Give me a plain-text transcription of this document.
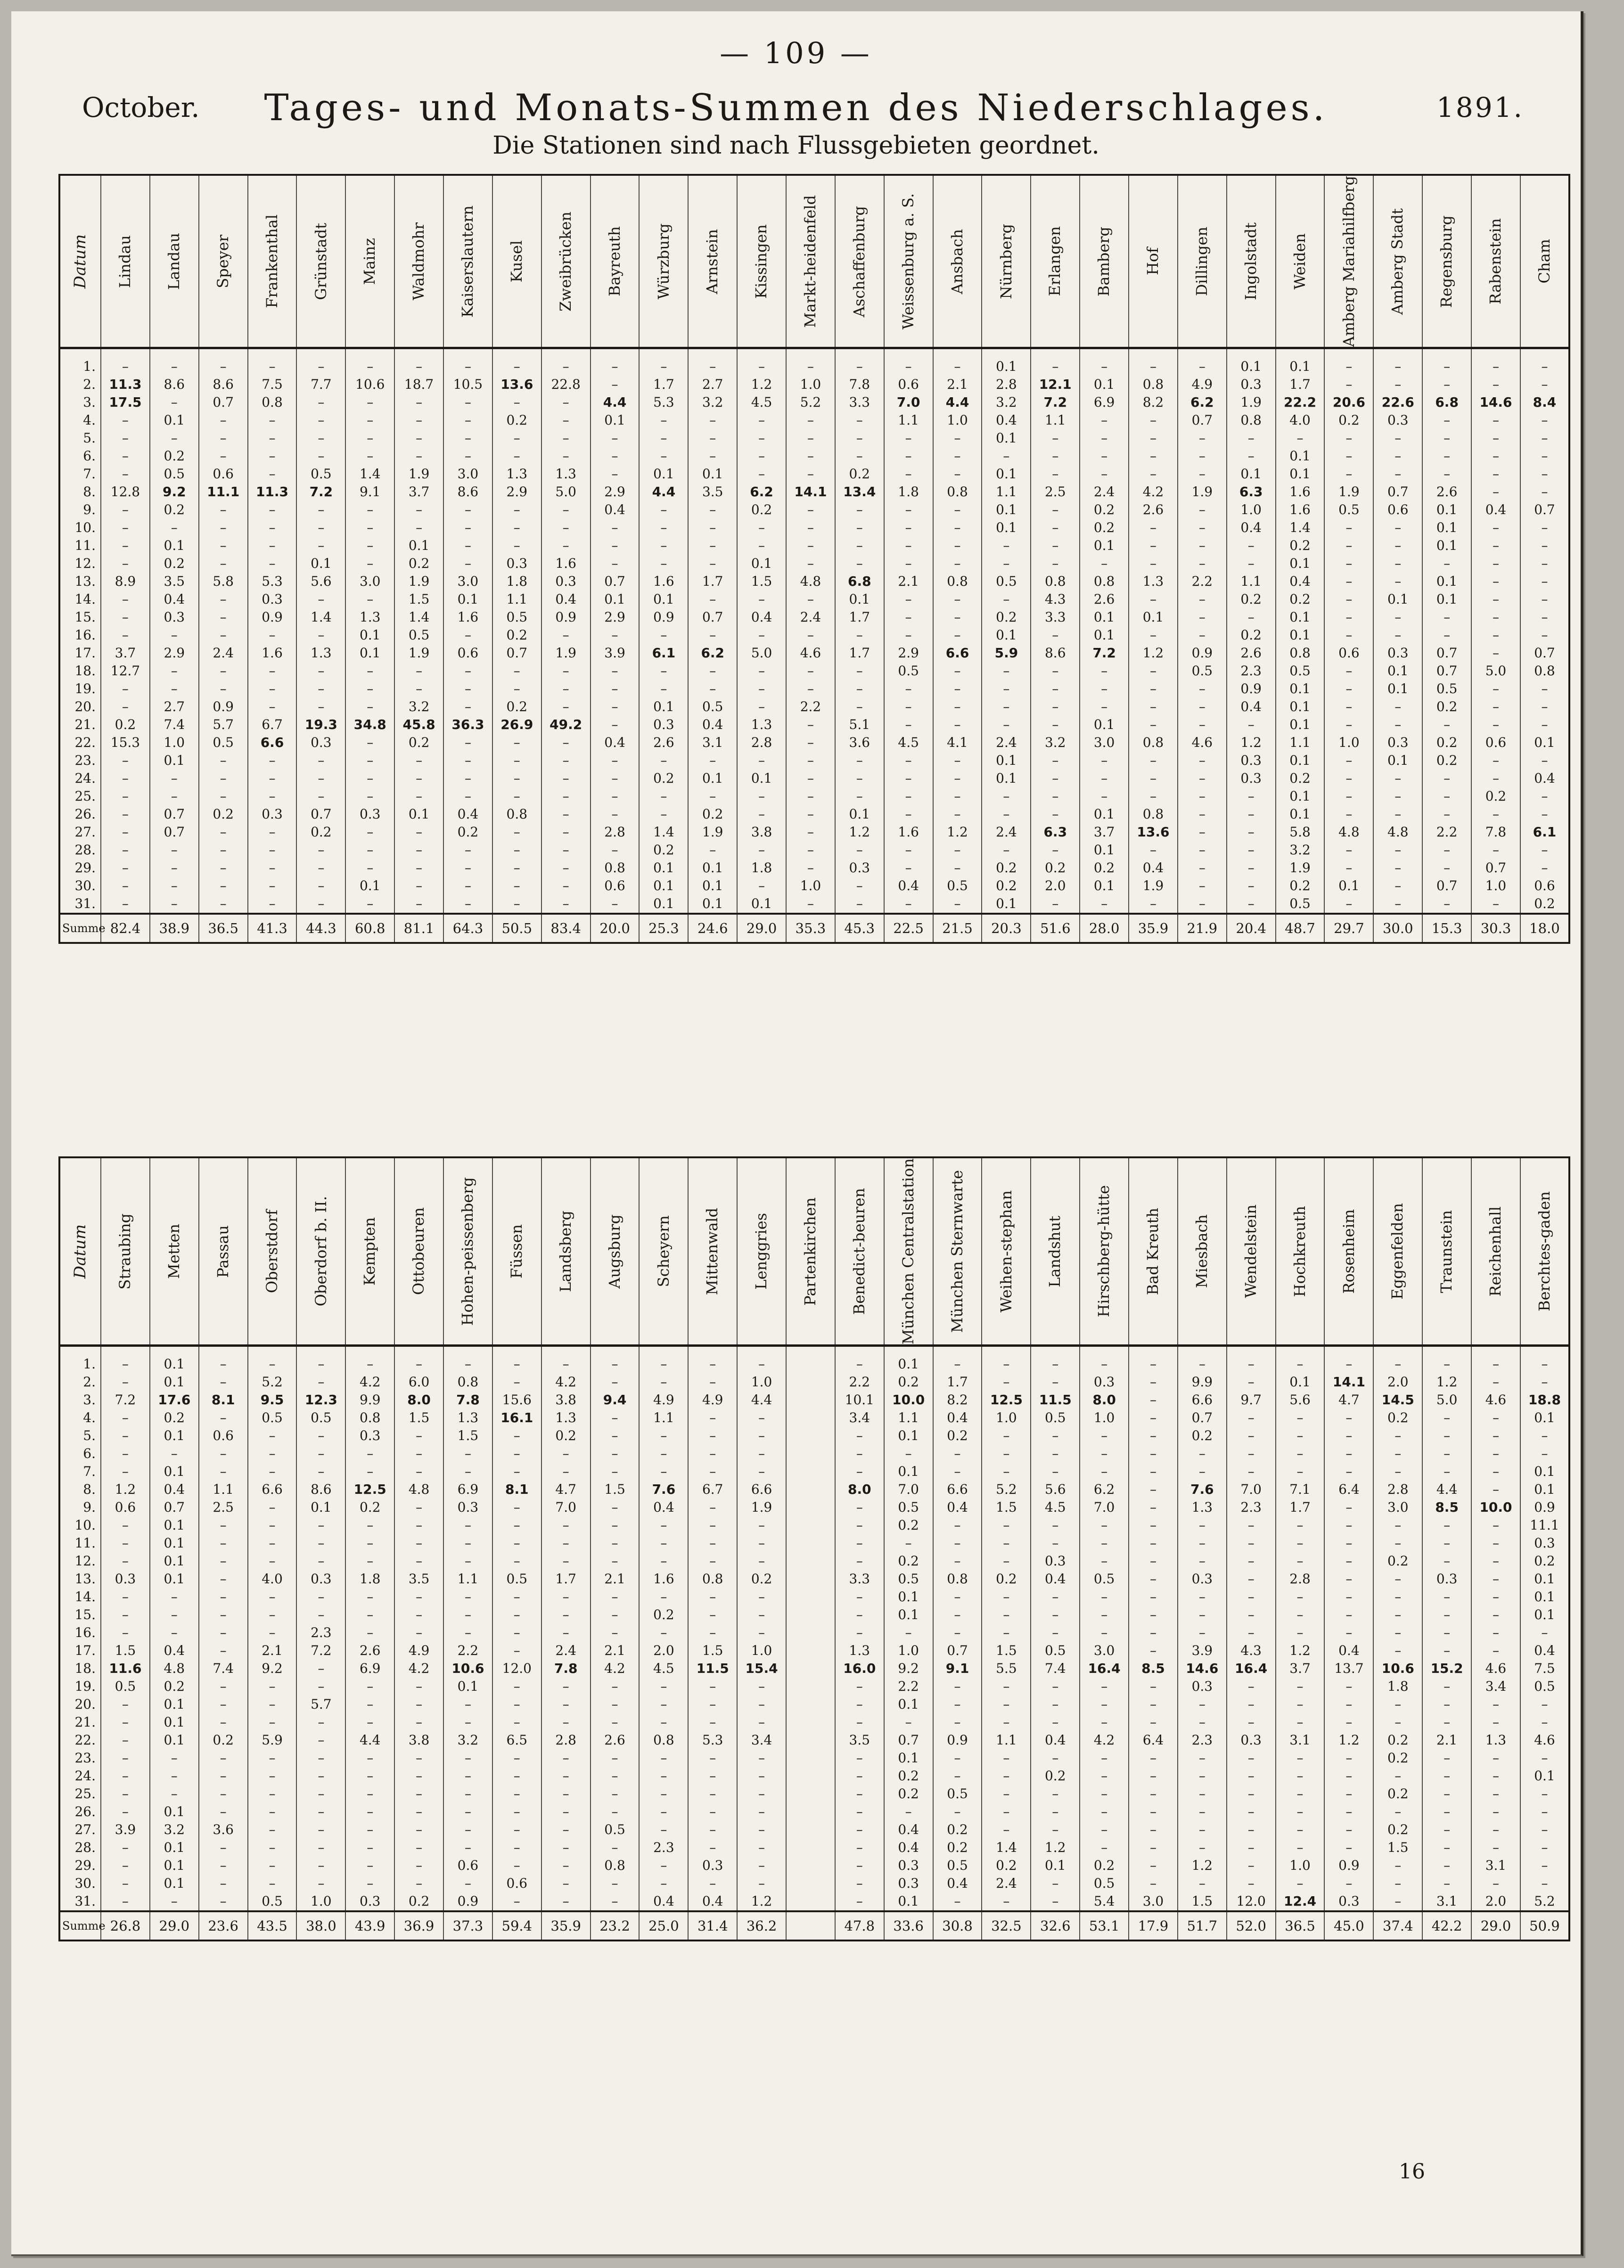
— 109 —
October.	Tages- und Monats-Summen des Niederschlages.	1891.
Die Stationen sind nach Flussgebieten geordnet.
Datum	Lindau	Landau	Speyer	Frankenthal	Grünstadt	Mainz	Waldmohr	Kaiserslautern	Kusel	Zweibrücken	Bayreuth	Würzburg	Arnstein	Kissingen	Markt-heidenfeld	Aschaffenburg	Weissenburg a. S.	Ansbach	Nürnberg	Erlangen	Bamberg	Hof	Dillingen	Ingolstadt	Weiden	Amberg Mariahilfberg	Amberg Stadt	Regensburg	Rabenstein	Cham

1.	–	–	–	–	–	–	–	–	–	–	–	–	–	–	–	–	–	–	0.1	–	–	–	–	0.1	0.1	–	–	–	–	–
2.	11.3	8.6	8.6	7.5	7.7	10.6	18.7	10.5	13.6	22.8	–	1.7	2.7	1.2	1.0	7.8	0.6	2.1	2.8	12.1	0.1	0.8	4.9	0.3	1.7	–	–	–	–	–
3.	17.5	–	0.7	0.8	–	–	–	–	–	–	4.4	5.3	3.2	4.5	5.2	3.3	7.0	4.4	3.2	7.2	6.9	8.2	6.2	1.9	22.2	20.6	22.6	6.8	14.6	8.4
4.	–	0.1	–	–	–	–	–	–	0.2	–	0.1	–	–	–	–	–	1.1	1.0	0.4	1.1	–	–	0.7	0.8	4.0	0.2	0.3	–	–	–
5.	–	–	–	–	–	–	–	–	–	–	–	–	–	–	–	–	–	–	0.1	–	–	–	–	–	–	–	–	–	–	–
6.	–	0.2	–	–	–	–	–	–	–	–	–	–	–	–	–	–	–	–	–	–	–	–	–	–	0.1	–	–	–	–	–
7.	–	0.5	0.6	–	0.5	1.4	1.9	3.0	1.3	1.3	–	0.1	0.1	–	–	0.2	–	–	0.1	–	–	–	–	0.1	0.1	–	–	–	–	–
8.	12.8	9.2	11.1	11.3	7.2	9.1	3.7	8.6	2.9	5.0	2.9	4.4	3.5	6.2	14.1	13.4	1.8	0.8	1.1	2.5	2.4	4.2	1.9	6.3	1.6	1.9	0.7	2.6	–	–
9.	–	0.2	–	–	–	–	–	–	–	–	0.4	–	–	0.2	–	–	–	–	0.1	–	0.2	2.6	–	1.0	1.6	0.5	0.6	0.1	0.4	0.7
10.	–	–	–	–	–	–	–	–	–	–	–	–	–	–	–	–	–	–	0.1	–	0.2	–	–	0.4	1.4	–	–	0.1	–	–
11.	–	0.1	–	–	–	–	0.1	–	–	–	–	–	–	–	–	–	–	–	–	–	0.1	–	–	–	0.2	–	–	0.1	–	–
12.	–	0.2	–	–	0.1	–	0.2	–	0.3	1.6	–	–	–	0.1	–	–	–	–	–	–	–	–	–	–	0.1	–	–	–	–	–
13.	8.9	3.5	5.8	5.3	5.6	3.0	1.9	3.0	1.8	0.3	0.7	1.6	1.7	1.5	4.8	6.8	2.1	0.8	0.5	0.8	0.8	1.3	2.2	1.1	0.4	–	–	0.1	–	–
14.	–	0.4	–	0.3	–	–	1.5	0.1	1.1	0.4	0.1	0.1	–	–	–	0.1	–	–	–	4.3	2.6	–	–	0.2	0.2	–	0.1	0.1	–	–
15.	–	0.3	–	0.9	1.4	1.3	1.4	1.6	0.5	0.9	2.9	0.9	0.7	0.4	2.4	1.7	–	–	0.2	3.3	0.1	0.1	–	–	0.1	–	–	–	–	–
16.	–	–	–	–	–	0.1	0.5	–	0.2	–	–	–	–	–	–	–	–	–	0.1	–	0.1	–	–	0.2	0.1	–	–	–	–	–
17.	3.7	2.9	2.4	1.6	1.3	0.1	1.9	0.6	0.7	1.9	3.9	6.1	6.2	5.0	4.6	1.7	2.9	6.6	5.9	8.6	7.2	1.2	0.9	2.6	0.8	0.6	0.3	0.7	–	0.7
18.	12.7	–	–	–	–	–	–	–	–	–	–	–	–	–	–	–	0.5	–	–	–	–	–	0.5	2.3	0.5	–	0.1	0.7	5.0	0.8
19.	–	–	–	–	–	–	–	–	–	–	–	–	–	–	–	–	–	–	–	–	–	–	–	0.9	0.1	–	0.1	0.5	–	–
20.	–	2.7	0.9	–	–	–	3.2	–	0.2	–	–	0.1	0.5	–	2.2	–	–	–	–	–	–	–	–	0.4	0.1	–	–	0.2	–	–
21.	0.2	7.4	5.7	6.7	19.3	34.8	45.8	36.3	26.9	49.2	–	0.3	0.4	1.3	–	5.1	–	–	–	–	0.1	–	–	–	0.1	–	–	–	–	–
22.	15.3	1.0	0.5	6.6	0.3	–	0.2	–	–	–	0.4	2.6	3.1	2.8	–	3.6	4.5	4.1	2.4	3.2	3.0	0.8	4.6	1.2	1.1	1.0	0.3	0.2	0.6	0.1
23.	–	0.1	–	–	–	–	–	–	–	–	–	–	–	–	–	–	–	–	0.1	–	–	–	–	0.3	0.1	–	0.1	0.2	–	–
24.	–	–	–	–	–	–	–	–	–	–	–	0.2	0.1	0.1	–	–	–	–	0.1	–	–	–	–	0.3	0.2	–	–	–	–	0.4
25.	–	–	–	–	–	–	–	–	–	–	–	–	–	–	–	–	–	–	–	–	–	–	–	–	0.1	–	–	–	0.2	–
26.	–	0.7	0.2	0.3	0.7	0.3	0.1	0.4	0.8	–	–	–	0.2	–	–	0.1	–	–	–	–	0.1	0.8	–	–	0.1	–	–	–	–	–
27.	–	0.7	–	–	0.2	–	–	0.2	–	–	2.8	1.4	1.9	3.8	–	1.2	1.6	1.2	2.4	6.3	3.7	13.6	–	–	5.8	4.8	4.8	2.2	7.8	6.1
28.	–	–	–	–	–	–	–	–	–	–	–	0.2	–	–	–	–	–	–	–	–	0.1	–	–	–	3.2	–	–	–	–	–
29.	–	–	–	–	–	–	–	–	–	–	0.8	0.1	0.1	1.8	–	0.3	–	–	0.2	0.2	0.2	0.4	–	–	1.9	–	–	–	0.7	–
30.	–	–	–	–	–	0.1	–	–	–	–	0.6	0.1	0.1	–	1.0	–	0.4	0.5	0.2	2.0	0.1	1.9	–	–	0.2	0.1	–	0.7	1.0	0.6
31.	–	–	–	–	–	–	–	–	–	–	–	0.1	0.1	0.1	–	–	–	–	0.1	–	–	–	–	–	0.5	–	–	–	–	0.2
Summe	82.4	38.9	36.5	41.3	44.3	60.8	81.1	64.3	50.5	83.4	20.0	25.3	24.6	29.0	35.3	45.3	22.5	21.5	20.3	51.6	28.0	35.9	21.9	20.4	48.7	29.7	30.0	15.3	30.3	18.0
Datum	Straubing	Metten	Passau	Oberstdorf	Oberdorf b. II.	Kempten	Ottobeuren	Hohen-peissenberg	Füssen	Landsberg	Augsburg	Scheyern	Mittenwald	Lenggries	Partenkirchen	Benedict-beuren	München Centralstation	München Sternwarte	Weihen-stephan	Landshut	Hirschberg-hütte	Bad Kreuth	Miesbach	Wendelstein	Hochkreuth	Rosenheim	Eggenfelden	Traunstein	Reichenhall	Berchtes-gaden

1.	–	0.1	–	–	–	–	–	–	–	–	–	–	–	–		–	0.1	–	–	–	–	–	–	–	–	–	–	–	–	–
2.	–	0.1	–	5.2	–	4.2	6.0	0.8	–	4.2	–	–	–	1.0		2.2	0.2	1.7	–	–	0.3	–	9.9	–	0.1	14.1	2.0	1.2	–	–
3.	7.2	17.6	8.1	9.5	12.3	9.9	8.0	7.8	15.6	3.8	9.4	4.9	4.9	4.4		10.1	10.0	8.2	12.5	11.5	8.0	–	6.6	9.7	5.6	4.7	14.5	5.0	4.6	18.8
4.	–	0.2	–	0.5	0.5	0.8	1.5	1.3	16.1	1.3	–	1.1	–	–		3.4	1.1	0.4	1.0	0.5	1.0	–	0.7	–	–	–	0.2	–	–	0.1
5.	–	0.1	0.6	–	–	0.3	–	1.5	–	0.2	–	–	–	–		–	0.1	0.2	–	–	–	–	0.2	–	–	–	–	–	–	–
6.	–	–	–	–	–	–	–	–	–	–	–	–	–	–		–	–	–	–	–	–	–	–	–	–	–	–	–	–	–
7.	–	0.1	–	–	–	–	–	–	–	–	–	–	–	–		–	0.1	–	–	–	–	–	–	–	–	–	–	–	–	0.1
8.	1.2	0.4	1.1	6.6	8.6	12.5	4.8	6.9	8.1	4.7	1.5	7.6	6.7	6.6		8.0	7.0	6.6	5.2	5.6	6.2	–	7.6	7.0	7.1	6.4	2.8	4.4	–	0.1
9.	0.6	0.7	2.5	–	0.1	0.2	–	0.3	–	7.0	–	0.4	–	1.9		–	0.5	0.4	1.5	4.5	7.0	–	1.3	2.3	1.7	–	3.0	8.5	10.0	0.9
10.	–	0.1	–	–	–	–	–	–	–	–	–	–	–	–		–	0.2	–	–	–	–	–	–	–	–	–	–	–	–	11.1
11.	–	0.1	–	–	–	–	–	–	–	–	–	–	–	–		–	–	–	–	–	–	–	–	–	–	–	–	–	–	0.3
12.	–	0.1	–	–	–	–	–	–	–	–	–	–	–	–		–	0.2	–	–	0.3	–	–	–	–	–	–	0.2	–	–	0.2
13.	0.3	0.1	–	4.0	0.3	1.8	3.5	1.1	0.5	1.7	2.1	1.6	0.8	0.2		3.3	0.5	0.8	0.2	0.4	0.5	–	0.3	–	2.8	–	–	0.3	–	0.1
14.	–	–	–	–	–	–	–	–	–	–	–	–	–	–		–	0.1	–	–	–	–	–	–	–	–	–	–	–	–	0.1
15.	–	–	–	–	–	–	–	–	–	–	–	0.2	–	–		–	0.1	–	–	–	–	–	–	–	–	–	–	–	–	0.1
16.	–	–	–	–	2.3	–	–	–	–	–	–	–	–	–		–	–	–	–	–	–	–	–	–	–	–	–	–	–	–
17.	1.5	0.4	–	2.1	7.2	2.6	4.9	2.2	–	2.4	2.1	2.0	1.5	1.0		1.3	1.0	0.7	1.5	0.5	3.0	–	3.9	4.3	1.2	0.4	–	–	–	0.4
18.	11.6	4.8	7.4	9.2	–	6.9	4.2	10.6	12.0	7.8	4.2	4.5	11.5	15.4		16.0	9.2	9.1	5.5	7.4	16.4	8.5	14.6	16.4	3.7	13.7	10.6	15.2	4.6	7.5
19.	0.5	0.2	–	–	–	–	–	0.1	–	–	–	–	–	–		–	2.2	–	–	–	–	–	0.3	–	–	–	1.8	–	3.4	0.5
20.	–	0.1	–	–	5.7	–	–	–	–	–	–	–	–	–		–	0.1	–	–	–	–	–	–	–	–	–	–	–	–	–
21.	–	0.1	–	–	–	–	–	–	–	–	–	–	–	–		–	–	–	–	–	–	–	–	–	–	–	–	–	–	–
22.	–	0.1	0.2	5.9	–	4.4	3.8	3.2	6.5	2.8	2.6	0.8	5.3	3.4		3.5	0.7	0.9	1.1	0.4	4.2	6.4	2.3	0.3	3.1	1.2	0.2	2.1	1.3	4.6
23.	–	–	–	–	–	–	–	–	–	–	–	–	–	–		–	0.1	–	–	–	–	–	–	–	–	–	0.2	–	–	–
24.	–	–	–	–	–	–	–	–	–	–	–	–	–	–		–	0.2	–	–	0.2	–	–	–	–	–	–	–	–	–	0.1
25.	–	–	–	–	–	–	–	–	–	–	–	–	–	–		–	0.2	0.5	–	–	–	–	–	–	–	–	0.2	–	–	–
26.	–	0.1	–	–	–	–	–	–	–	–	–	–	–	–		–	–	–	–	–	–	–	–	–	–	–	–	–	–	–
27.	3.9	3.2	3.6	–	–	–	–	–	–	–	0.5	–	–	–		–	0.4	0.2	–	–	–	–	–	–	–	–	0.2	–	–	–
28.	–	0.1	–	–	–	–	–	–	–	–	–	2.3	–	–		–	0.4	0.2	1.4	1.2	–	–	–	–	–	–	1.5	–	–	–
29.	–	0.1	–	–	–	–	–	0.6	–	–	0.8	–	0.3	–		–	0.3	0.5	0.2	0.1	0.2	–	1.2	–	1.0	0.9	–	–	3.1	–
30.	–	0.1	–	–	–	–	–	–	0.6	–	–	–	–	–		–	0.3	0.4	2.4	–	0.5	–	–	–	–	–	–	–	–	–
31.	–	–	–	0.5	1.0	0.3	0.2	0.9	–	–	–	0.4	0.4	1.2		–	0.1	–	–	–	5.4	3.0	1.5	12.0	12.4	0.3	–	3.1	2.0	5.2
Summe	26.8	29.0	23.6	43.5	38.0	43.9	36.9	37.3	59.4	35.9	23.2	25.0	31.4	36.2		47.8	33.6	30.8	32.5	32.6	53.1	17.9	51.7	52.0	36.5	45.0	37.4	42.2	29.0	50.9
16
